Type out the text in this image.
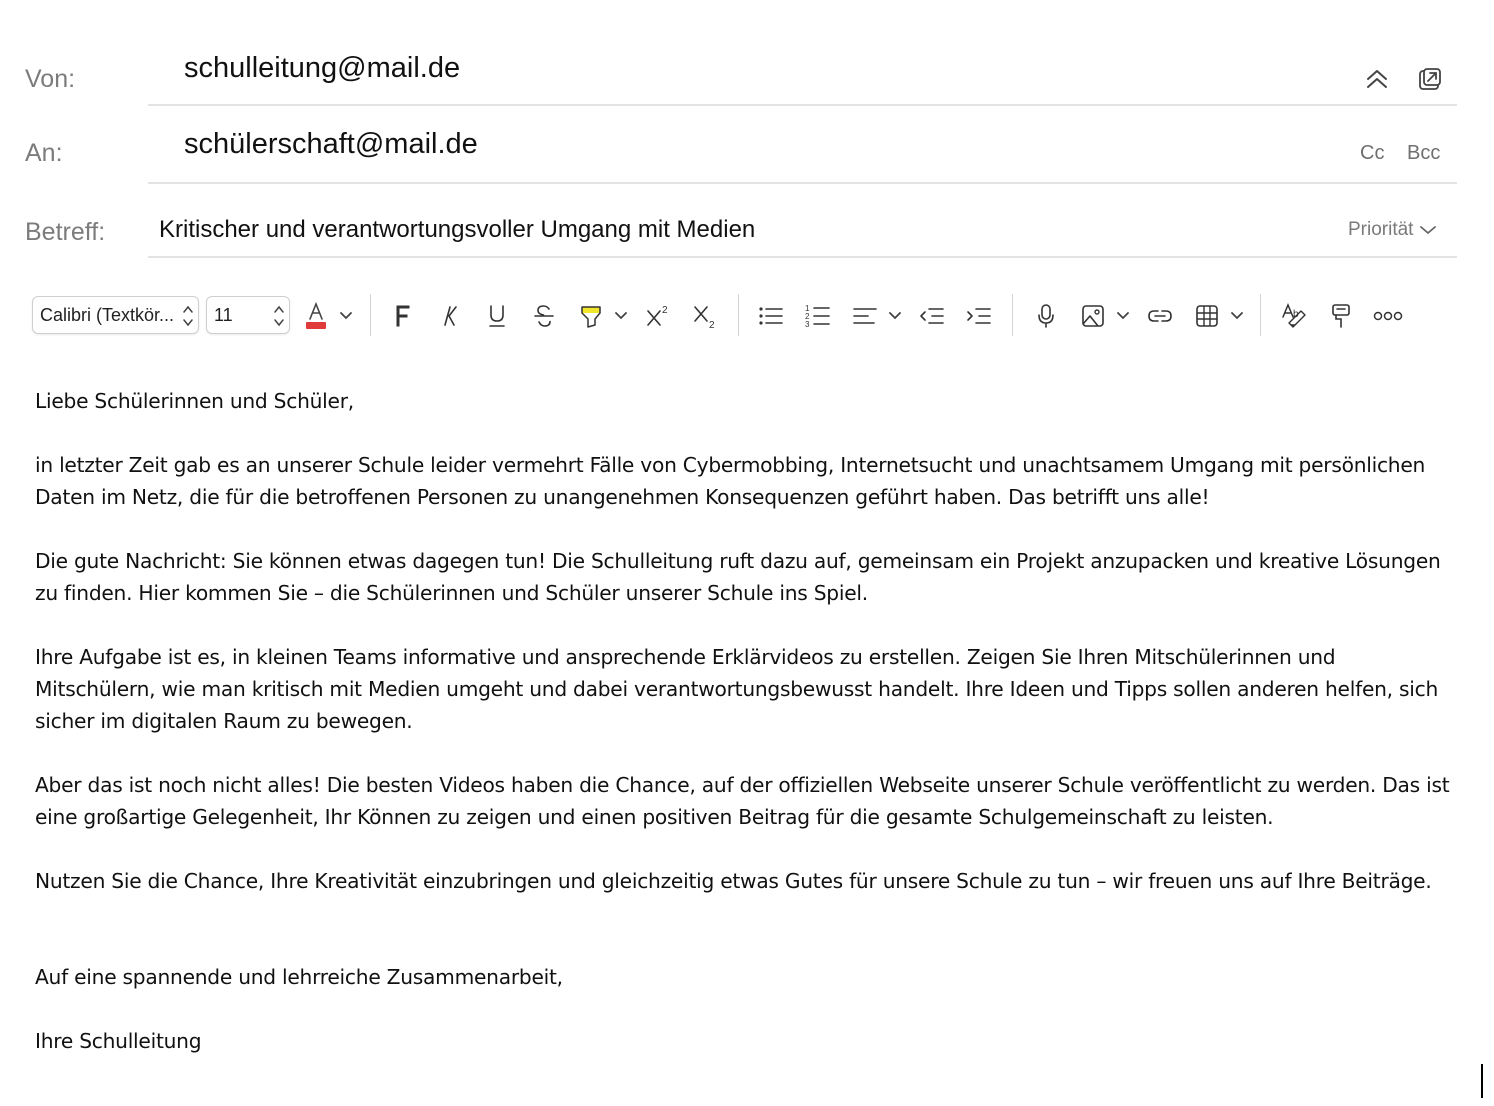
Von:	schulleitung@mail.de
An:	schülerschaft@mail.de	Cc Bcc
Betreff: Kritischer und verantwortungsvoller Umgang mit Medien	Priorität
Calibri (Textkör... 11	2
2
1
2
3
b

Liebe Schülerinnen und Schüler,

in letzter Zeit gab es an unserer Schule leider vermehrt Fälle von Cybermobbing, Internetsucht und unachtsamem Umgang mit persönlichen Daten im Netz, die für die betroffenen Personen zu unangenehmen Konsequenzen geführt haben. Das betrifft uns alle!

Die gute Nachricht: Sie können etwas dagegen tun! Die Schulleitung ruft dazu auf, gemeinsam ein Projekt anzupacken und kreative Lösungen zu finden. Hier kommen Sie – die Schülerinnen und Schüler unserer Schule ins Spiel.

Ihre Aufgabe ist es, in kleinen Teams informative und ansprechende Erklärvideos zu erstellen. Zeigen Sie Ihren Mitschülerinnen und Mitschülern, wie man kritisch mit Medien umgeht und dabei verantwortungsbewusst handelt. Ihre Ideen und Tipps sollen anderen helfen, sich sicher im digitalen Raum zu bewegen.

Aber das ist noch nicht alles! Die besten Videos haben die Chance, auf der offiziellen Webseite unserer Schule veröffentlicht zu werden. Das ist eine großartige Gelegenheit, Ihr Können zu zeigen und einen positiven Beitrag für die gesamte Schulgemeinschaft zu leisten.

Nutzen Sie die Chance, Ihre Kreativität einzubringen und gleichzeitig etwas Gutes für unsere Schule zu tun – wir freuen uns auf Ihre Beiträge.

Auf eine spannende und lehrreiche Zusammenarbeit,

Ihre Schulleitung
